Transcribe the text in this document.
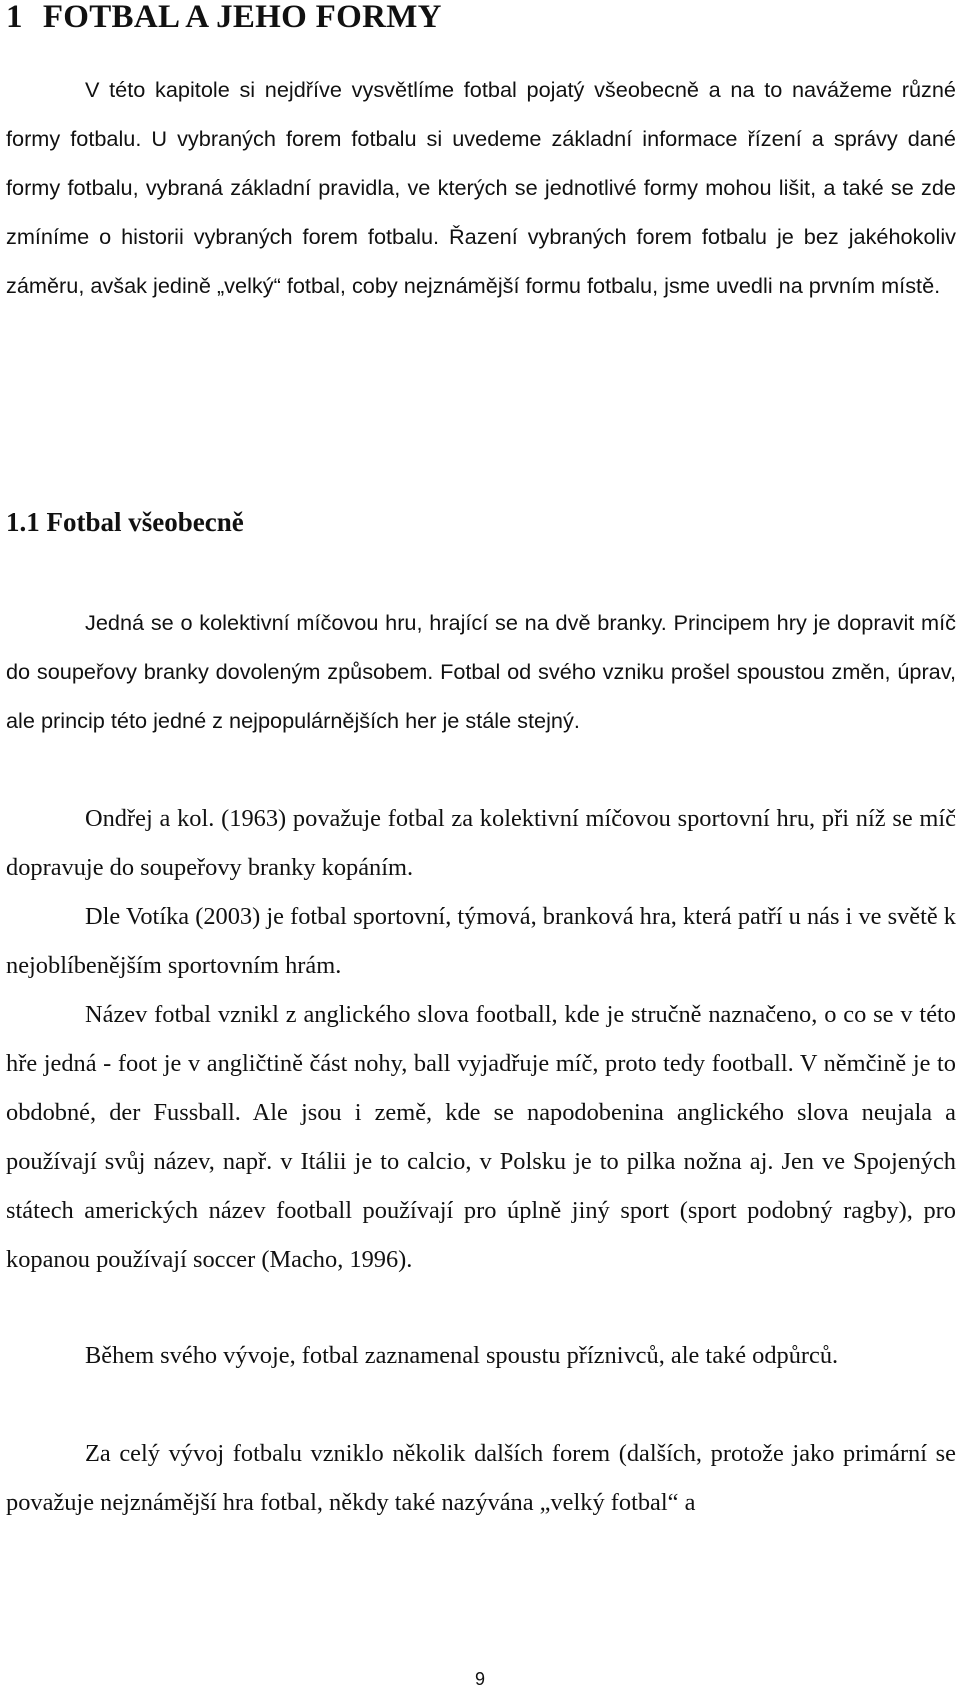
1 FOTBAL A JEHO FORMY

V této kapitole si nejdříve vysvětlíme fotbal pojatý všeobecně a na to navážeme různé formy fotbalu. U vybraných forem fotbalu si uvedeme základní informace řízení a správy dané formy fotbalu, vybraná základní pravidla, ve kterých se jednotlivé formy mohou lišit, a také se zde zmíníme o historii vybraných forem fotbalu. Řazení vybraných forem fotbalu je bez jakéhokoliv záměru, avšak jedině „velký“ fotbal, coby nejznámější formu fotbalu, jsme uvedli na prvním místě.

1.1 Fotbal všeobecně

Jedná se o kolektivní míčovou hru, hrající se na dvě branky. Principem hry je dopravit míč do soupeřovy branky dovoleným způsobem. Fotbal od svého vzniku prošel spoustou změn, úprav, ale princip této jedné z nejpopulárnějších her je stále stejný.

Ondřej a kol. (1963) považuje fotbal za kolektivní míčovou sportovní hru, při níž se míč dopravuje do soupeřovy branky kopáním.

Dle Votíka (2003) je fotbal sportovní, týmová, branková hra, která patří u nás i ve světě k nejoblíbenějším sportovním hrám.

Název fotbal vznikl z anglického slova football, kde je stručně naznačeno, o co se v této hře jedná - foot je v angličtině část nohy, ball vyjadřuje míč, proto tedy football. V němčině je to obdobné, der Fussball. Ale jsou i země, kde se napodobenina anglického slova neujala a používají svůj název, např. v Itálii je to calcio, v Polsku je to pilka nožna aj. Jen ve Spojených státech amerických název football používají pro úplně jiný sport (sport podobný ragby), pro kopanou používají soccer (Macho, 1996).

Během svého vývoje, fotbal zaznamenal spoustu příznivců, ale také odpůrců.

Za celý vývoj fotbalu vzniklo několik dalších forem (dalších, protože jako primární se považuje nejznámější hra fotbal, někdy také nazývána „velký fotbal“ a

9
